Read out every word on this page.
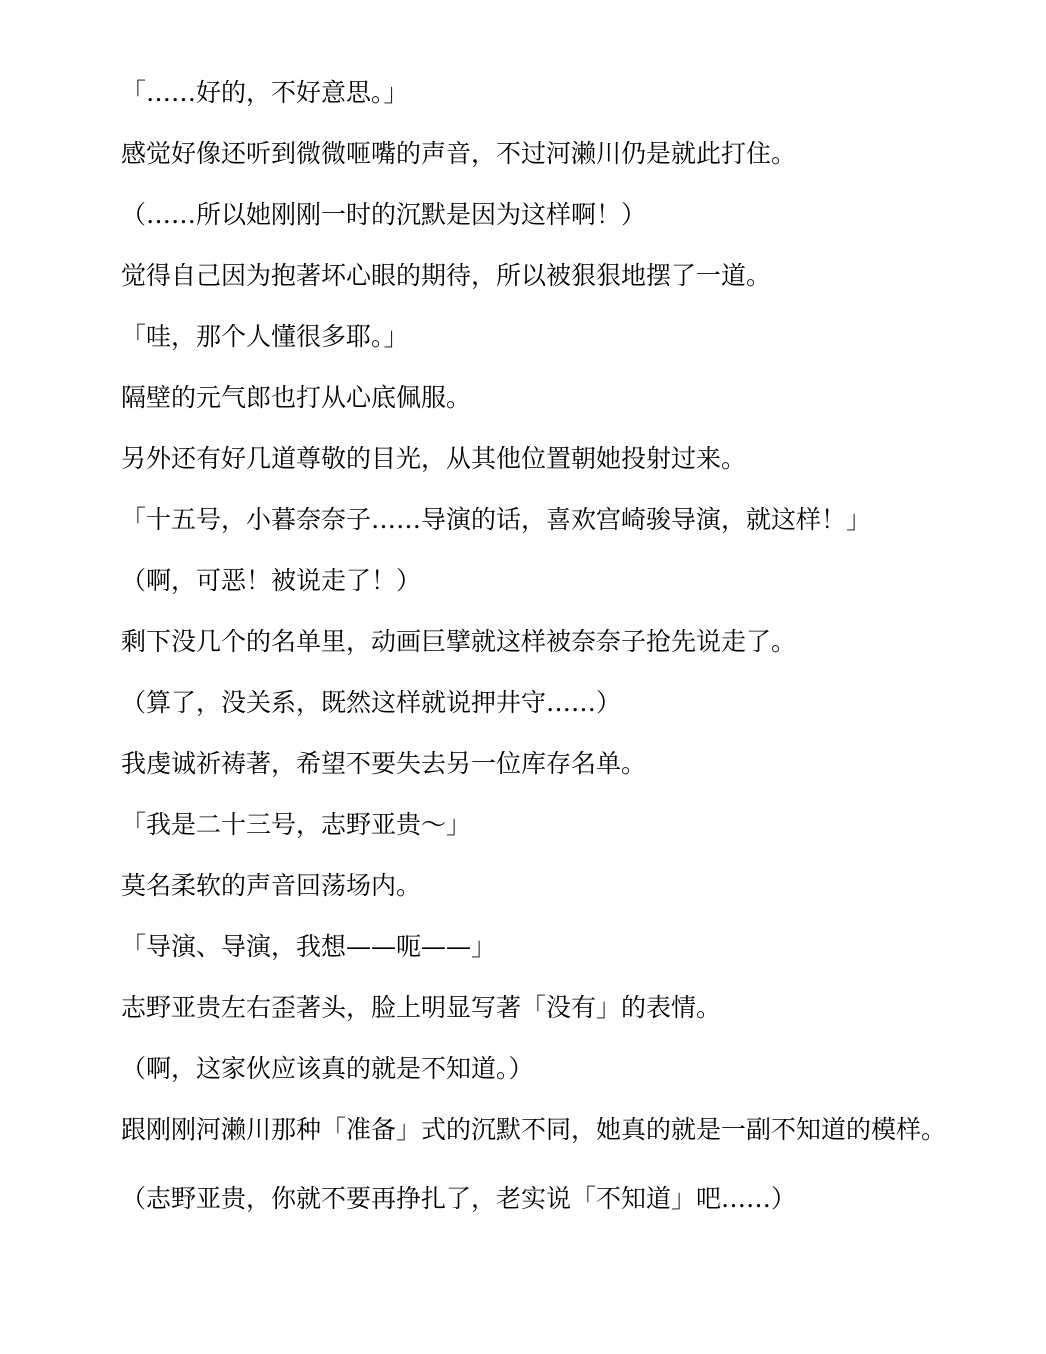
「……好的，不好意思。」

感觉好像还听到微微咂嘴的声音，不过河濑川仍是就此打住。

（……所以她刚刚一时的沉默是因为这样啊！）

觉得自己因为抱著坏心眼的期待，所以被狠狠地摆了一道。

「哇，那个人懂很多耶。」

隔壁的元气郎也打从心底佩服。

另外还有好几道尊敬的目光，从其他位置朝她投射过来。

「十五号，小暮奈奈子……导演的话，喜欢宫崎骏导演，就这样！」

（啊，可恶！被说走了！）

剩下没几个的名单里，动画巨擘就这样被奈奈子抢先说走了。

（算了，没关系，既然这样就说押井守……）

我虔诚祈祷著，希望不要失去另一位库存名单。

「我是二十三号，志野亚贵～」

莫名柔软的声音回荡场内。

「导演、导演，我想——呃——」

志野亚贵左右歪著头，脸上明显写著「没有」的表情。

（啊，这家伙应该真的就是不知道。）

跟刚刚河濑川那种「准备」式的沉默不同，她真的就是一副不知道的模样。

（志野亚贵，你就不要再挣扎了，老实说「不知道」吧……）
